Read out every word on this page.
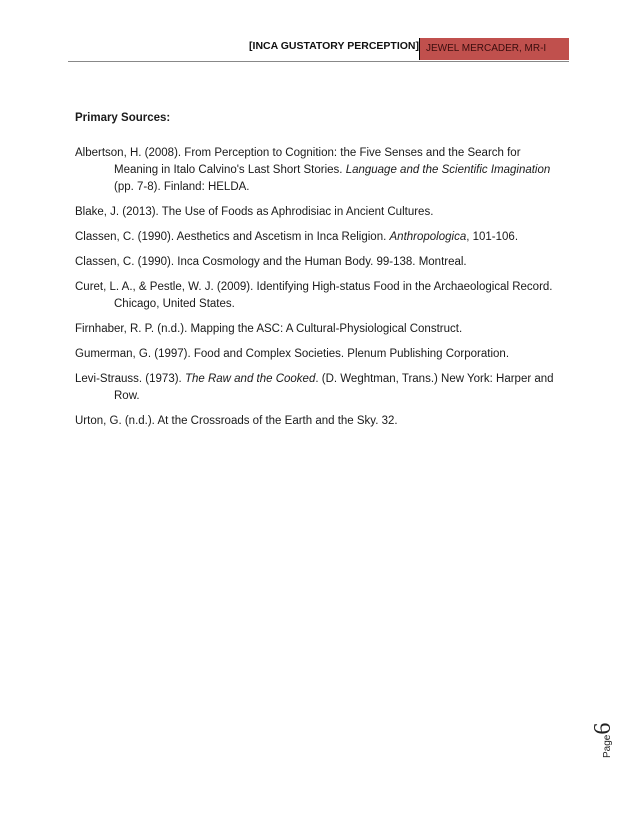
[INCA GUSTATORY PERCEPTION] JEWEL MERCADER, MR-I

Primary Sources:

Albertson, H. (2008). From Perception to Cognition: the Five Senses and the Search for Meaning in Italo Calvino's Last Short Stories. Language and the Scientific Imagination (pp. 7-8). Finland: HELDA.

Blake, J. (2013). The Use of Foods as Aphrodisiac in Ancient Cultures.

Classen, C. (1990). Aesthetics and Ascetism in Inca Religion. Anthropologica, 101-106.

Classen, C. (1990). Inca Cosmology and the Human Body. 99-138. Montreal.

Curet, L. A., & Pestle, W. J. (2009). Identifying High-status Food in the Archaeological Record. Chicago, United States.

Firnhaber, R. P. (n.d.). Mapping the ASC: A Cultural-Physiological Construct.

Gumerman, G. (1997). Food and Complex Societies. Plenum Publishing Corporation.

Levi-Strauss. (1973). The Raw and the Cooked. (D. Weghtman, Trans.) New York: Harper and Row.

Urton, G. (n.d.). At the Crossroads of the Earth and the Sky. 32.

Page
6
